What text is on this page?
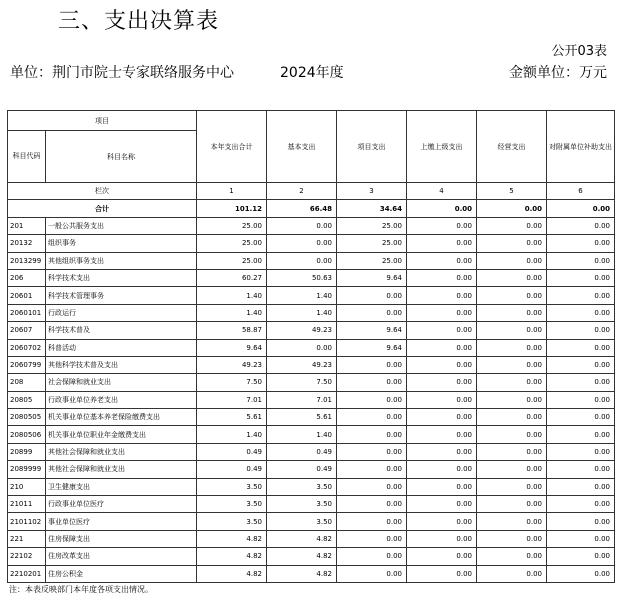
三、支出决算表
公开03表
单位：荆门市院士专家联络服务中心	2024年度	金额单位：万元
项目		本年支出合计	基本支出	项目支出	上缴上级支出	经营支出	对附属单位补助支出
科目代码	科目名称						

栏次		1	2	3	4	5	6
合计		101.12	66.48	34.64	0.00	0.00	0.00
201	一般公共服务支出	25.00	0.00	25.00	0.00	0.00	0.00
20132	组织事务	25.00	0.00	25.00	0.00	0.00	0.00
2013299	其他组织事务支出	25.00	0.00	25.00	0.00	0.00	0.00
206	科学技术支出	60.27	50.63	9.64	0.00	0.00	0.00
20601	科学技术管理事务	1.40	1.40	0.00	0.00	0.00	0.00
2060101	行政运行	1.40	1.40	0.00	0.00	0.00	0.00
20607	科学技术普及	58.87	49.23	9.64	0.00	0.00	0.00
2060702	科普活动	9.64	0.00	9.64	0.00	0.00	0.00
2060799	其他科学技术普及支出	49.23	49.23	0.00	0.00	0.00	0.00
208	社会保障和就业支出	7.50	7.50	0.00	0.00	0.00	0.00
20805	行政事业单位养老支出	7.01	7.01	0.00	0.00	0.00	0.00
2080505	机关事业单位基本养老保险缴费支出	5.61	5.61	0.00	0.00	0.00	0.00
2080506	机关事业单位职业年金缴费支出	1.40	1.40	0.00	0.00	0.00	0.00
20899	其他社会保障和就业支出	0.49	0.49	0.00	0.00	0.00	0.00
2089999	其他社会保障和就业支出	0.49	0.49	0.00	0.00	0.00	0.00
210	卫生健康支出	3.50	3.50	0.00	0.00	0.00	0.00
21011	行政事业单位医疗	3.50	3.50	0.00	0.00	0.00	0.00
2101102	事业单位医疗	3.50	3.50	0.00	0.00	0.00	0.00
221	住房保障支出	4.82	4.82	0.00	0.00	0.00	0.00
22102	住房改革支出	4.82	4.82	0.00	0.00	0.00	0.00
2210201	住房公积金	4.82	4.82	0.00	0.00	0.00	0.00
注：本表反映部门本年度各项支出情况。
